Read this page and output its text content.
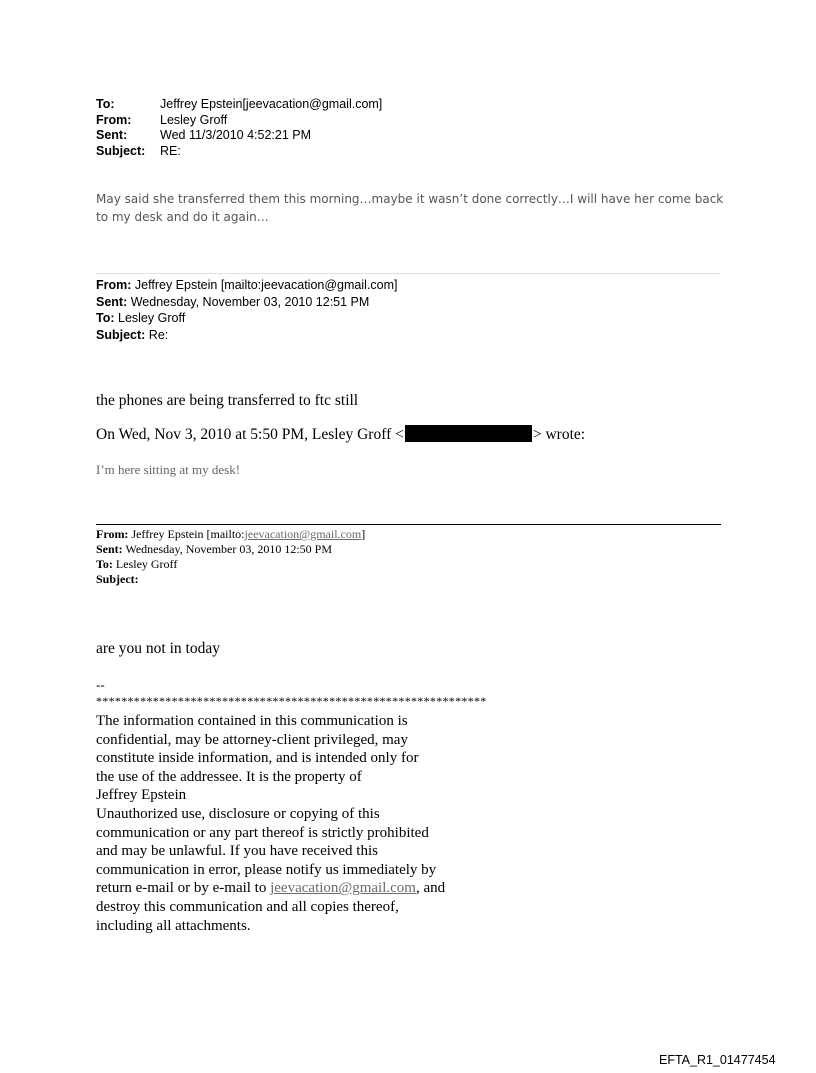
To:	Jeffrey Epstein[jeevacation@gmail.com]
From:	Lesley Groff
Sent:	Wed 11/3/2010 4:52:21 PM
Subject:	RE:
May said she transferred them this morning…maybe it wasn’t done correctly…I will have her come back to my desk and do it again…
From: Jeffrey Epstein [mailto:jeevacation@gmail.com]
Sent: Wednesday, November 03, 2010 12:51 PM
To: Lesley Groff
Subject: Re:
the phones are being transferred to ftc still
On Wed, Nov 3, 2010 at 5:50 PM, Lesley Groff <	> wrote:
I’m here sitting at my desk!
From: Jeffrey Epstein [mailto:jeevacation@gmail.com]
Sent: Wednesday, November 03, 2010 12:50 PM
To: Lesley Groff
Subject:
are you not in today
--
**************************************************************
The information contained in this communication is
confidential, may be attorney-client privileged, may
constitute inside information, and is intended only for
the use of the addressee. It is the property of
Jeffrey Epstein
Unauthorized use, disclosure or copying of this
communication or any part thereof is strictly prohibited
and may be unlawful. If you have received this
communication in error, please notify us immediately by
return e-mail or by e-mail to jeevacation@gmail.com, and
destroy this communication and all copies thereof,
including all attachments.
EFTA_R1_01477454
